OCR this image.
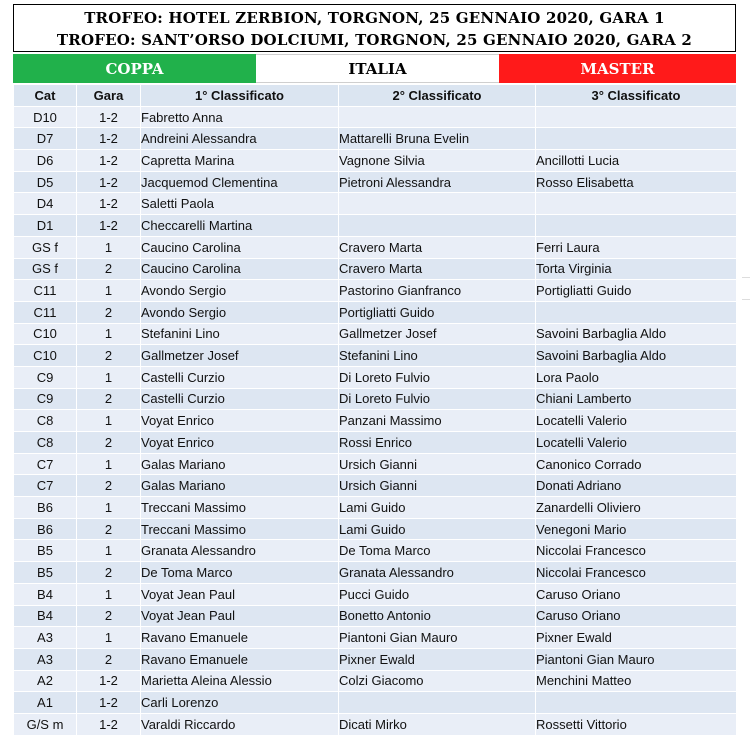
TROFEO: HOTEL ZERBION, TORGNON, 25 GENNAIO 2020, GARA 1
TROFEO: SANT’ORSO DOLCIUMI, TORGNON, 25 GENNAIO 2020, GARA 2
COPPA	ITALIA	MASTER
Cat	Gara	1° Classificato	2° Classificato	3° Classificato
D10	1-2	Fabretto Anna		
D7	1-2	Andreini Alessandra	Mattarelli Bruna Evelin	
D6	1-2	Capretta Marina	Vagnone Silvia	Ancillotti Lucia
D5	1-2	Jacquemod Clementina	Pietroni Alessandra	Rosso Elisabetta
D4	1-2	Saletti Paola		
D1	1-2	Checcarelli Martina		
GS f	1	Caucino Carolina	Cravero Marta	Ferri Laura
GS f	2	Caucino Carolina	Cravero Marta	Torta Virginia
C11	1	Avondo Sergio	Pastorino Gianfranco	Portigliatti Guido
C11	2	Avondo Sergio	Portigliatti Guido	
C10	1	Stefanini Lino	Gallmetzer Josef	Savoini Barbaglia Aldo
C10	2	Gallmetzer Josef	Stefanini Lino	Savoini Barbaglia Aldo
C9	1	Castelli Curzio	Di Loreto Fulvio	Lora Paolo
C9	2	Castelli Curzio	Di Loreto Fulvio	Chiani Lamberto
C8	1	Voyat Enrico	Panzani Massimo	Locatelli Valerio
C8	2	Voyat Enrico	Rossi Enrico	Locatelli Valerio
C7	1	Galas Mariano	Ursich Gianni	Canonico Corrado
C7	2	Galas Mariano	Ursich Gianni	Donati Adriano
B6	1	Treccani Massimo	Lami Guido	Zanardelli Oliviero
B6	2	Treccani Massimo	Lami Guido	Venegoni Mario
B5	1	Granata Alessandro	De Toma Marco	Niccolai Francesco
B5	2	De Toma Marco	Granata Alessandro	Niccolai Francesco
B4	1	Voyat Jean Paul	Pucci Guido	Caruso Oriano
B4	2	Voyat Jean Paul	Bonetto Antonio	Caruso Oriano
A3	1	Ravano Emanuele	Piantoni Gian Mauro	Pixner Ewald
A3	2	Ravano Emanuele	Pixner Ewald	Piantoni Gian Mauro
A2	1-2	Marietta Aleina Alessio	Colzi Giacomo	Menchini Matteo
A1	1-2	Carli Lorenzo		
G/S m	1-2	Varaldi Riccardo	Dicati Mirko	Rossetti Vittorio
